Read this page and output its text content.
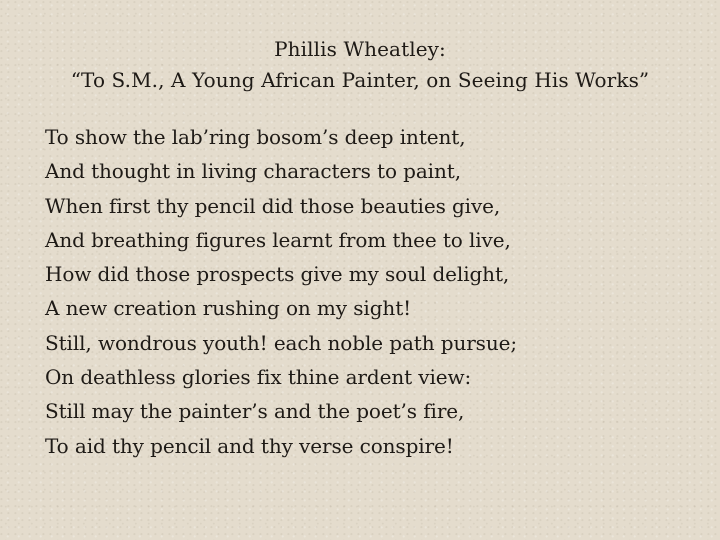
Phillis Wheatley:
“To S.M., A Young African Painter, on Seeing His Works”
To show the lab’ring bosom’s deep intent,
And thought in living characters to paint,
When first thy pencil did those beauties give,
And breathing figures learnt from thee to live,
How did those prospects give my soul delight,
A new creation rushing on my sight!
Still, wondrous youth! each noble path pursue;
On deathless glories fix thine ardent view:
Still may the painter’s and the poet’s fire,
To aid thy pencil and thy verse conspire!
